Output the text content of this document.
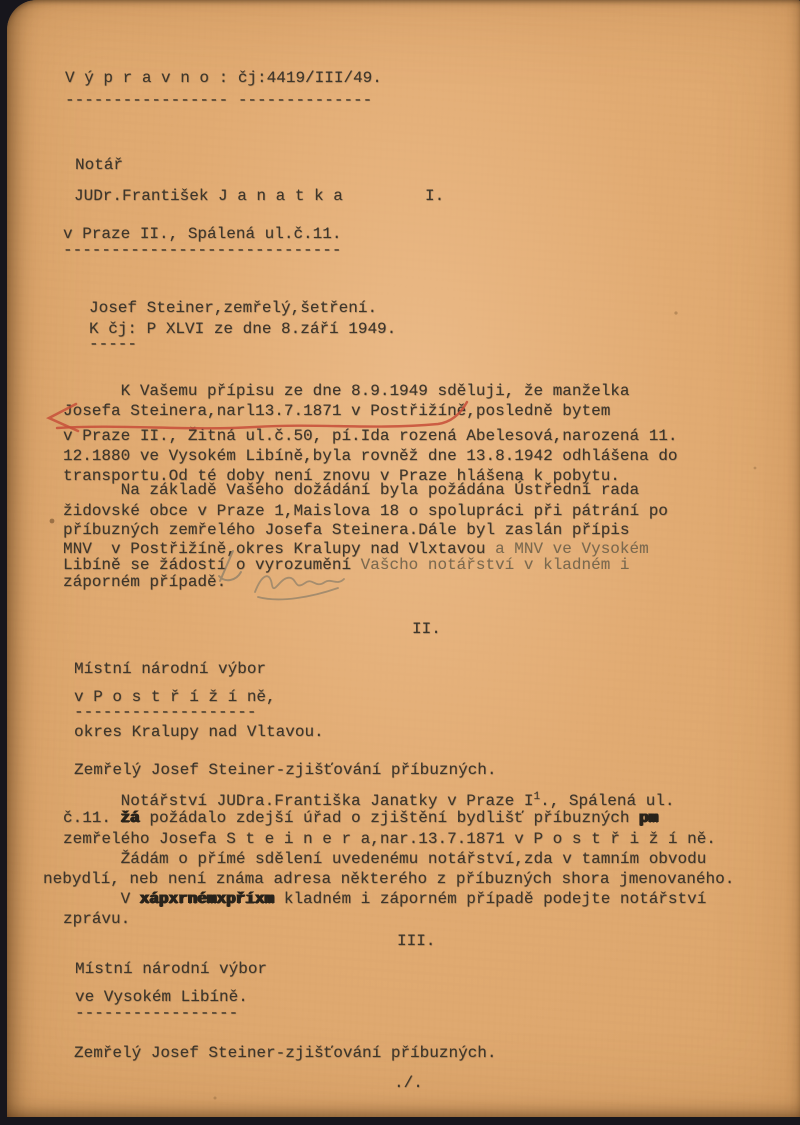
V ý p r a v n o : čj:4419/III/49.
----------------- --------------
Notář
JUDr.František J a n a t k a	I.
v Praze II., Spálená ul.č.11.
-----------------------------
Josef Steiner,zemřelý,šetření.
K čj: P XLVI ze dne 8.září 1949.
-----
K Vašemu přípisu ze dne 8.9.1949 sděluji, že manželka
Josefa Steinera,narl13.7.1871 v Postřižíně,posledně bytem
v Praze II., Žitná ul.č.50, pí.Ida rozená Abelesová,narozená 11.
12.1880 ve Vysokém Libíně,byla rovněž dne 13.8.1942 odhlášena do
transportu.Od té doby není znovu v Praze hlášena k pobytu.
Na základě Vašeho dožádání byla požádána Ústřední rada
židovské obce v Praze 1,Maislova 18 o spolupráci při pátrání po
příbuzných zemřelého Josefa Steinera.Dále byl zaslán přípis
MNV  v Postřižíně,okres Kralupy nad Vlxtavou a MNV ve Vysokém
Libíně se žádostí o vyrozumění Vašcho notářství v kladném i
záporném případě.
II.
Místní národní výbor
v P o s t ř í ž í ně,
-------------------
okres Kralupy nad Vltavou.
Zemřelý Josef Steiner-zjišťování příbuzných.
Notářství JUDra.Františka Janatky v Praze $I^1$., Spálená ul.
č.11. žá požádalo zdejší úřad o zjištění bydlišť příbuzných pm
zemřelého Josefa S t e i n e r a,nar.13.7.1871 v P o s t ř i ž í ně.
Žádám o přímé sdělení uvedenému notářství,zda v tamním obvodu
nebydlí, neb není známa adresa některého z příbuzných shora jmenovaného.
V xápxrnémxpříxm kladném i záporném případě podejte notářství
zprávu.
III.
Místní národní výbor
ve Vysokém Libíně.
-----------------
Zemřelý Josef Steiner-zjišťování příbuzných.
./.
